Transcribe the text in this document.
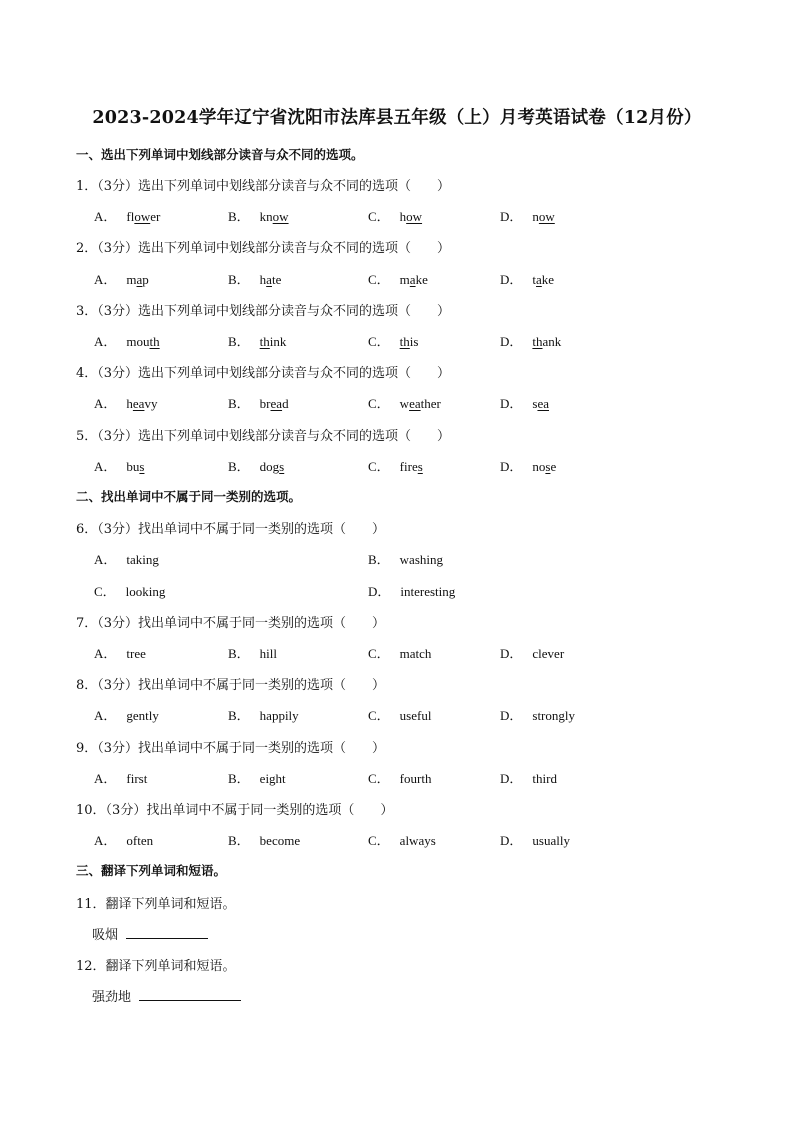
2023-2024学年辽宁省沈阳市法库县五年级（上）月考英语试卷（12月份）
一、选出下列单词中划线部分读音与众不同的选项。
1．（3分）选出下列单词中划线部分读音与众不同的选项（　　）
A． flower	B． know	C． how	D． now
2．（3分）选出下列单词中划线部分读音与众不同的选项（　　）
A． map	B． hate	C． make	D． take
3．（3分）选出下列单词中划线部分读音与众不同的选项（　　）
A． mouth	B． think	C． this	D． thank
4．（3分）选出下列单词中划线部分读音与众不同的选项（　　）
A． heavy	B． bread	C． weather	D． sea
5．（3分）选出下列单词中划线部分读音与众不同的选项（　　）
A． bus	B． dogs	C． fires	D． nose
二、找出单词中不属于同一类别的选项。
6．（3分）找出单词中不属于同一类别的选项（　　）
A． taking	B． washing
C． looking	D． interesting
7．（3分）找出单词中不属于同一类别的选项（　　）
A． tree	B． hill	C． match	D． clever
8．（3分）找出单词中不属于同一类别的选项（　　）
A． gently	B． happily	C． useful	D． strongly
9．（3分）找出单词中不属于同一类别的选项（　　）
A． first	B． eight	C． fourth	D． third
10．（3分）找出单词中不属于同一类别的选项（　　）
A． often	B． become	C． always	D． usually
三、翻译下列单词和短语。
11．翻译下列单词和短语。
吸烟
12．翻译下列单词和短语。
强劲地
